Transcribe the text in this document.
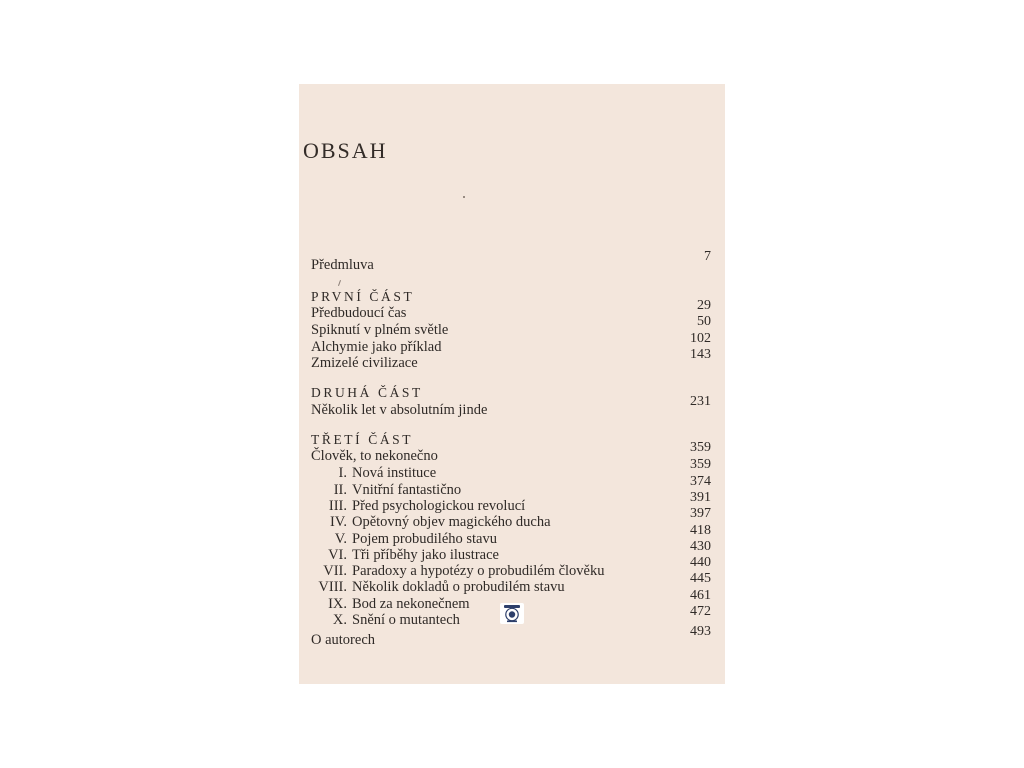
OBSAH
Předmluva
7
PRVNÍ ČÁST
Předbudoucí čas	29
Spiknutí v plném světle
50
Alchymie jako příklad
102
Zmizelé civilizace
143
DRUHÁ ČÁST
Několik let v absolutním jinde
231
TŘETÍ ČÁST
Člověk, to nekonečno
359
I. Nová instituce
359
II. Vnitřní fantastično
374
III. Před psychologickou revolucí
391
IV. Opětovný objev magického ducha
397
V. Pojem probudilého stavu
418
VI. Tři příběhy jako ilustrace
430
VII. Paradoxy a hypotézy o probudilém člověku
440
VIII. Několik dokladů o probudilém stavu
445
IX. Bod za nekonečnem
461
X. Snění o mutantech
472
O autorech
493
